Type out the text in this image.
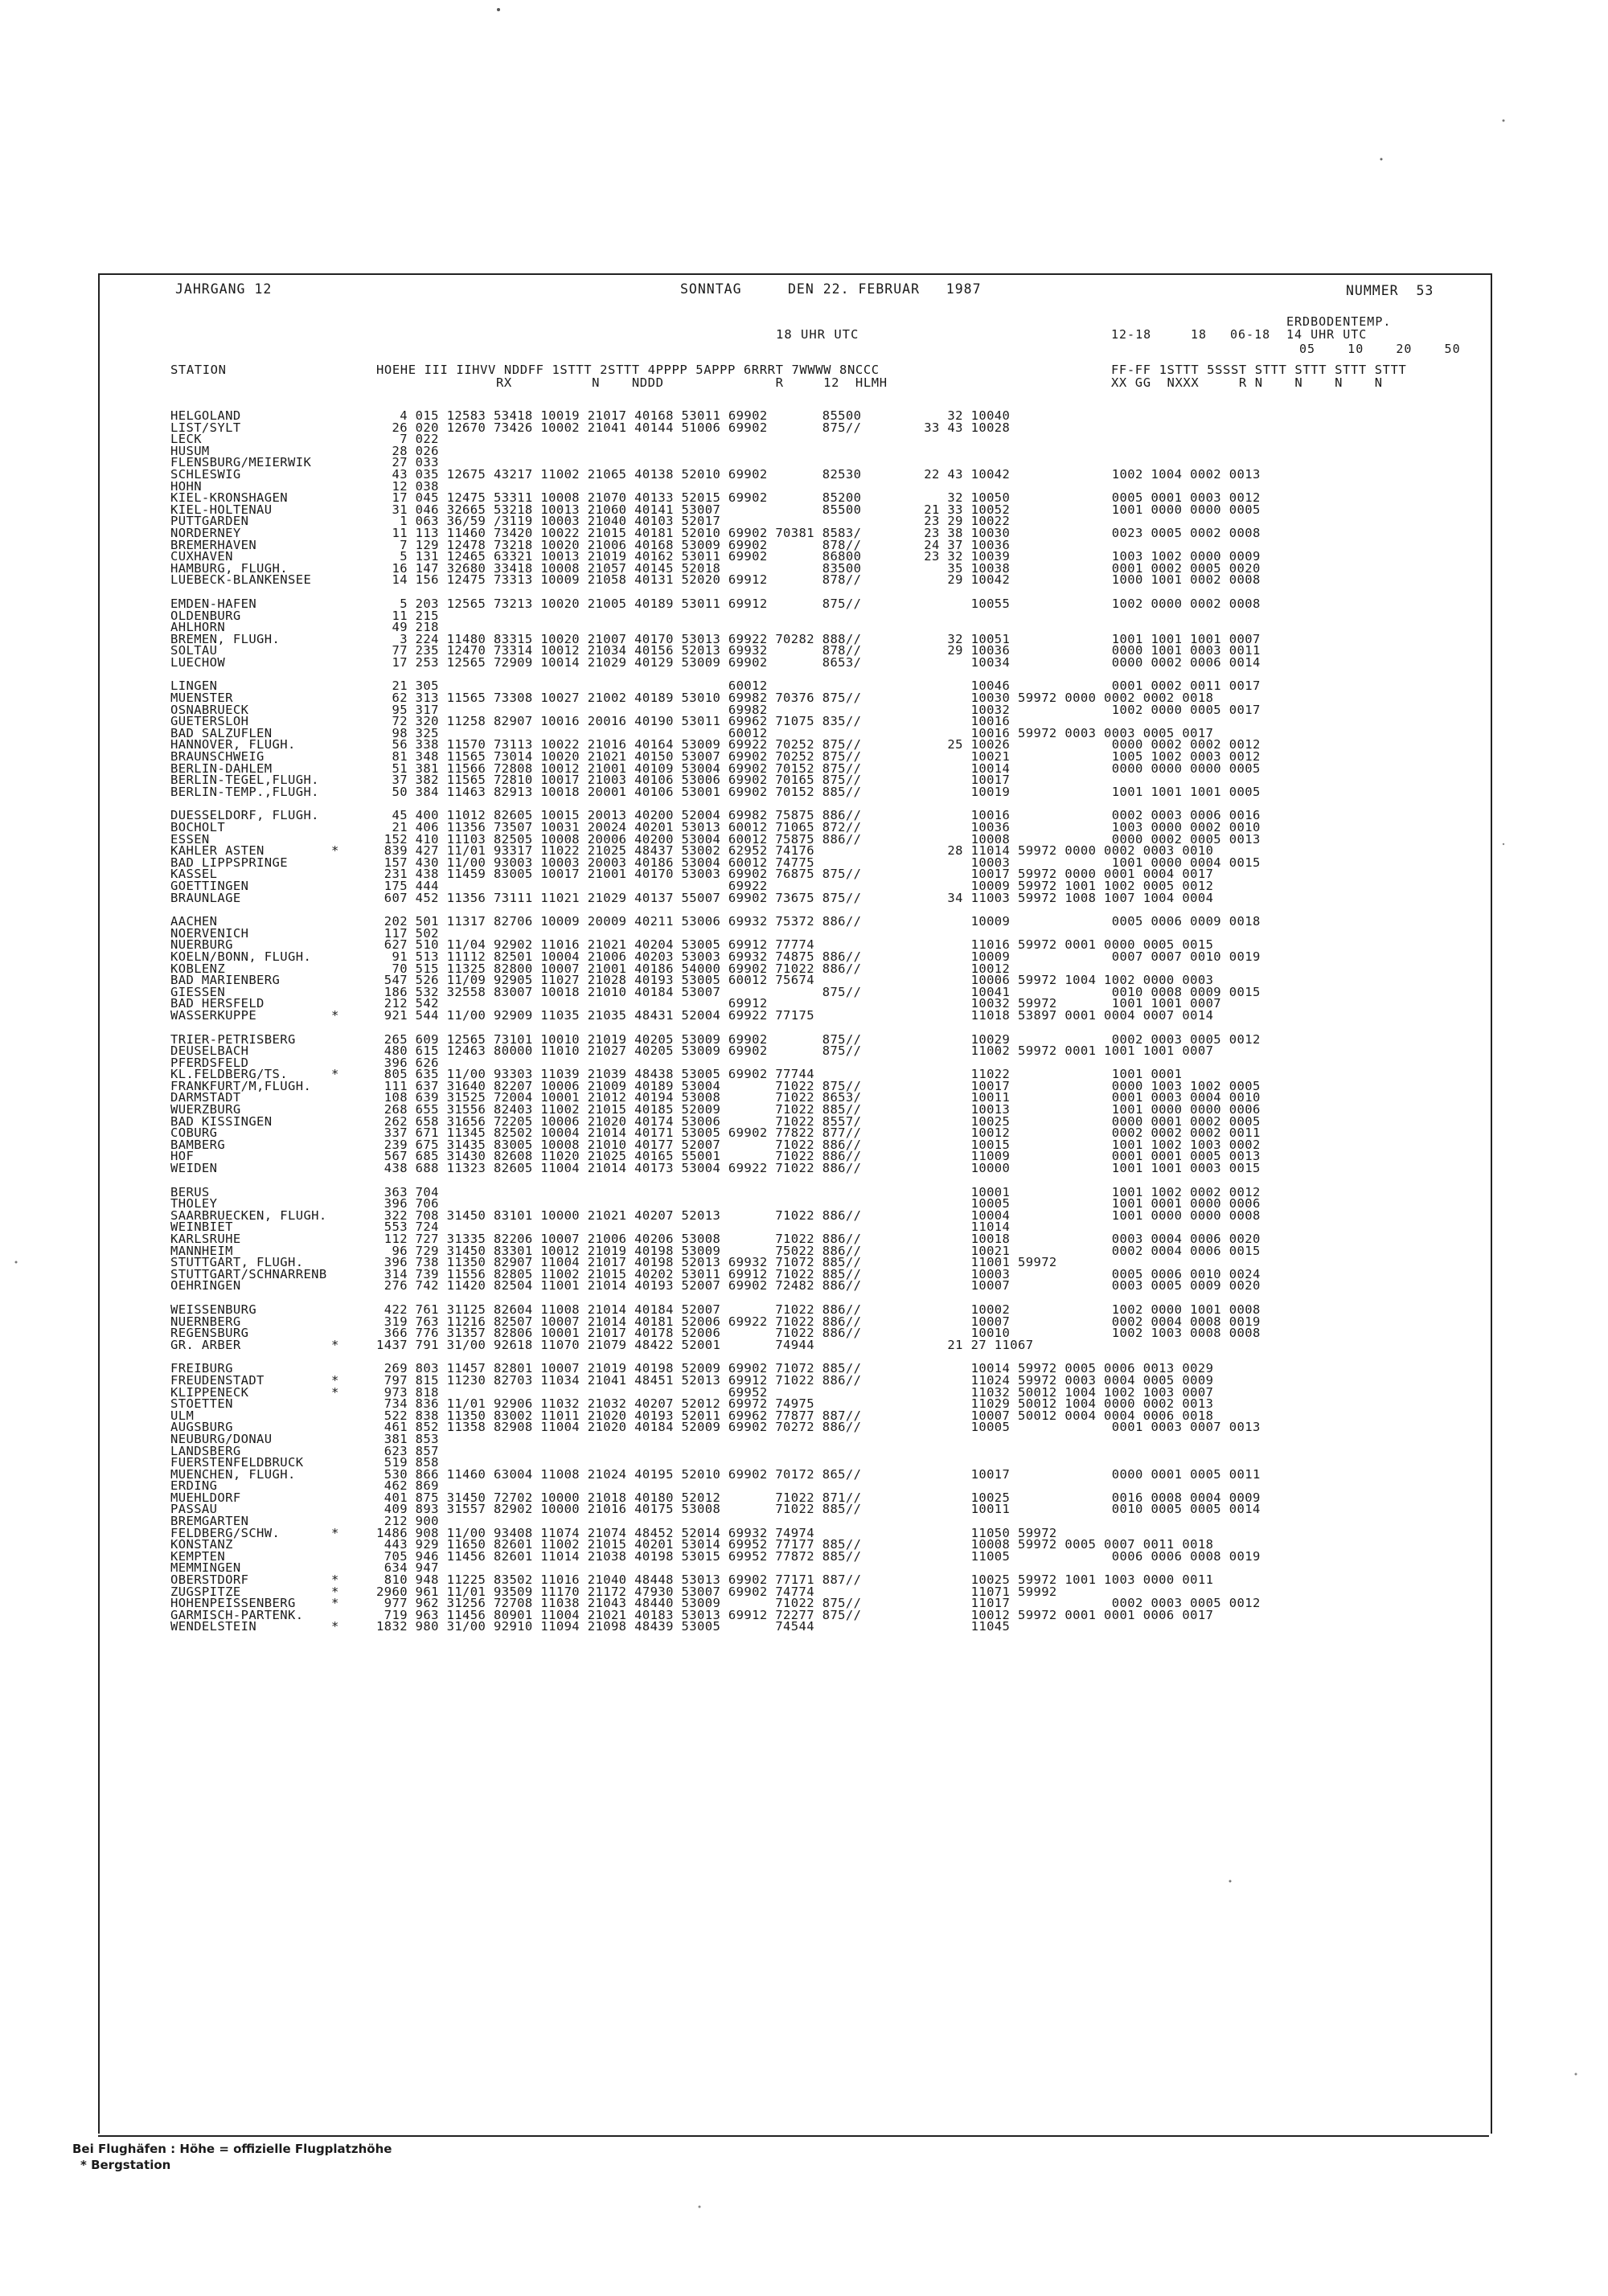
JAHRGANG 12	SONNTAG	DEN 22. FEBRUAR   1987	NUMMER  53
ERDBODENTEMP.
18 UHR UTC	12-18	18 06-18 14 UHR UTC
05    10    20    50
STATION	HOEHE III IIHVV NDDFF 1STTT 2STTT 4PPPP 5APPP 6RRRT 7WWWW 8NCCC
RX          N    NDDD              R     12  HLMH
FF-FF 1STTT 5SSST STTT STTT STTT STTT
XX GG  NXXX     R N    N    N    N
HELGOLAND	4 015 12583 53418 10019 21017 40168 53011 69902       85500           32 10040
LIST/SYLT	26 020 12670 73426 10002 21041 40144 51006 69902       875//        33 43 10028
LECK	7 022
HUSUM	28 026
FLENSBURG/MEIERWIK	27 033
SCHLESWIG	43 035 12675 43217 11002 21065 40138 52010 69902       82530        22 43 10042             1002 1004 0002 0013
HOHN	12 038
KIEL-KRONSHAGEN	17 045 12475 53311 10008 21070 40133 52015 69902       85200           32 10050             0005 0001 0003 0012
KIEL-HOLTENAU	31 046 32665 53218 10013 21060 40141 53007             85500        21 33 10052             1001 0000 0000 0005
PUTTGARDEN	1 063 36/59 /3119 10003 21040 40103 52017                          23 29 10022
NORDERNEY	11 113 11460 73420 10022 21015 40181 52010 69902 70381 8583/        23 38 10030             0023 0005 0002 0008
BREMERHAVEN	7 129 12478 73218 10020 21006 40168 53009 69902       878//        24 37 10036
CUXHAVEN	5 131 12465 63321 10013 21019 40162 53011 69902       86800        23 32 10039             1003 1002 0000 0009
HAMBURG, FLUGH.	16 147 32680 33418 10008 21057 40145 52018             83500           35 10038             0001 0002 0005 0020
LUEBECK-BLANKENSEE	14 156 12475 73313 10009 21058 40131 52020 69912       878//           29 10042             1000 1001 0002 0008
EMDEN-HAFEN	5 203 12565 73213 10020 21005 40189 53011 69912       875//              10055             1002 0000 0002 0008
OLDENBURG	11 215
AHLHORN	49 218
BREMEN, FLUGH.	3 224 11480 83315 10020 21007 40170 53013 69922 70282 888//           32 10051             1001 1001 1001 0007
SOLTAU	77 235 12470 73314 10012 21034 40156 52013 69932       878//           29 10036             0000 1001 0003 0011
LUECHOW	17 253 12565 72909 10014 21029 40129 53009 69902       8653/              10034             0000 0002 0006 0014
LINGEN	21 305                                     60012                          10046             0001 0002 0011 0017
MUENSTER	62 313 11565 73308 10027 21002 40189 53010 69982 70376 875//              10030 59972 0000 0002 0002 0018
OSNABRUECK	95 317                                     69982                          10032             1002 0000 0005 0017
GUETERSLOH	72 320 11258 82907 10016 20016 40190 53011 69962 71075 835//              10016
BAD SALZUFLEN	98 325                                     60012                          10016 59972 0003 0003 0005 0017
HANNOVER, FLUGH.	56 338 11570 73113 10022 21016 40164 53009 69922 70252 875//           25 10026             0000 0002 0002 0012
BRAUNSCHWEIG	81 348 11565 73014 10020 21021 40150 53007 69902 70252 875//              10021             1005 1002 0003 0012
BERLIN-DAHLEM	51 381 11566 72808 10012 21001 40109 53004 69902 70152 875//              10014             0000 0000 0000 0005
BERLIN-TEGEL,FLUGH.	37 382 11565 72810 10017 21003 40106 53006 69902 70165 875//              10017
BERLIN-TEMP.,FLUGH.	50 384 11463 82913 10018 20001 40106 53001 69902 70152 885//              10019             1001 1001 1001 0005
DUESSELDORF, FLUGH.	45 400 11012 82605 10015 20013 40200 52004 69982 75875 886//              10016             0002 0003 0006 0016
BOCHOLT	21 406 11356 73507 10031 20024 40201 53013 60012 71065 872//              10036             1003 0000 0002 0010
ESSEN	152 410 11103 82505 10008 20006 40200 53004 60012 75875 886//              10008             0000 0002 0005 0013
KAHLER ASTEN	*	839 427 11/01 93317 11022 21025 48437 53002 62952 74176                 28 11014 59972 0000 0002 0003 0010
BAD LIPPSPRINGE	157 430 11/00 93003 10003 20003 40186 53004 60012 74775                    10003             1001 0000 0004 0015
KASSEL	231 438 11459 83005 10017 21001 40170 53003 69902 76875 875//              10017 59972 0000 0001 0004 0017
GOETTINGEN	175 444                                     69922                          10009 59972 1001 1002 0005 0012
BRAUNLAGE	607 452 11356 73111 11021 21029 40137 55007 69902 73675 875//           34 11003 59972 1008 1007 1004 0004
AACHEN	202 501 11317 82706 10009 20009 40211 53006 69932 75372 886//              10009             0005 0006 0009 0018
NOERVENICH	117 502
NUERBURG	627 510 11/04 92902 11016 21021 40204 53005 69912 77774                    11016 59972 0001 0000 0005 0015
KOELN/BONN, FLUGH.	91 513 11112 82501 10004 21006 40203 53003 69932 74875 886//              10009             0007 0007 0010 0019
KOBLENZ	70 515 11325 82800 10007 21001 40186 54000 69902 71022 886//              10012
BAD MARIENBERG	547 526 11/09 92905 11027 21028 40193 53005 60012 75674                    10006 59972 1004 1002 0000 0003
GIESSEN	186 532 32558 83007 10018 21010 40184 53007             875//              10041             0010 0008 0009 0015
BAD HERSFELD	212 542                                     69912                          10032 59972       1001 1001 0007
WASSERKUPPE	*	921 544 11/00 92909 11035 21035 48431 52004 69922 77175                    11018 53897 0001 0004 0007 0014
TRIER-PETRISBERG	265 609 12565 73101 10010 21019 40205 53009 69902       875//              10029             0002 0003 0005 0012
DEUSELBACH	480 615 12463 80000 11010 21027 40205 53009 69902       875//              11002 59972 0001 1001 1001 0007
PFERDSFELD	396 626
KL.FELDBERG/TS.	*	805 635 11/00 93303 11039 21039 48438 53005 69902 77744                    11022             1001 0001
FRANKFURT/M,FLUGH.	111 637 31640 82207 10006 21009 40189 53004       71022 875//              10017             0000 1003 1002 0005
DARMSTADT	108 639 31525 72004 10001 21012 40194 53008       71022 8653/              10011             0001 0003 0004 0010
WUERZBURG	268 655 31556 82403 11002 21015 40185 52009       71022 885//              10013             1001 0000 0000 0006
BAD KISSINGEN	262 658 31656 72205 10006 21020 40174 53006       71022 8557/              10025             0000 0001 0002 0005
COBURG	337 671 11345 82502 10004 21014 40171 53005 69902 77822 877//              10012             0002 0002 0002 0011
BAMBERG	239 675 31435 83005 10008 21010 40177 52007       71022 886//              10015             1001 1002 1003 0002
HOF	567 685 31430 82608 11020 21025 40165 55001       71022 886//              11009             0001 0001 0005 0013
WEIDEN	438 688 11323 82605 11004 21014 40173 53004 69922 71022 886//              10000             1001 1001 0003 0015
BERUS	363 704                                                                    10001             1001 1002 0002 0012
THOLEY	396 706                                                                    10005             1001 0001 0000 0006
SAARBRUECKEN, FLUGH.	322 708 31450 83101 10000 21021 40207 52013       71022 886//              10004             1001 0000 0000 0008
WEINBIET	553 724                                                                    11014
KARLSRUHE	112 727 31335 82206 10007 21006 40206 53008       71022 886//              10018             0003 0004 0006 0020
MANNHEIM	96 729 31450 83301 10012 21019 40198 53009       75022 886//              10021             0002 0004 0006 0015
STUTTGART, FLUGH.	396 738 11350 82907 11004 21017 40198 52013 69932 71072 885//              11001 59972
STUTTGART/SCHNARRENB	314 739 11556 82805 11002 21015 40202 53011 69912 71022 885//              10003             0005 0006 0010 0024
OEHRINGEN	276 742 11420 82504 11001 21014 40193 52007 69902 72482 886//              10007             0003 0005 0009 0020
WEISSENBURG	422 761 31125 82604 11008 21014 40184 52007       71022 886//              10002             1002 0000 1001 0008
NUERNBERG	319 763 11216 82507 10007 21014 40181 52006 69922 71022 886//              10007             0002 0004 0008 0019
REGENSBURG	366 776 31357 82806 10001 21017 40178 52006       71022 886//              10010             1002 1003 0008 0008
GR. ARBER	*	1437 791 31/00 92618 11070 21079 48422 52001       74944                 21 27 11067
FREIBURG	269 803 11457 82801 10007 21019 40198 52009 69902 71072 885//              10014 59972 0005 0006 0013 0029
FREUDENSTADT	*	797 815 11230 82703 11034 21041 48451 52013 69912 71022 886//              11024 59972 0003 0004 0005 0009
KLIPPENECK	*	973 818                                     69952                          11032 50012 1004 1002 1003 0007
STOETTEN	734 836 11/01 92906 11032 21032 40207 52012 69972 74975                    11029 50012 1004 0000 0002 0013
ULM	522 838 11350 83002 11011 21020 40193 52011 69962 77877 887//              10007 50012 0004 0004 0006 0018
AUGSBURG	461 852 11358 82908 11004 21020 40184 52009 69902 70272 886//              10005             0001 0003 0007 0013
NEUBURG/DONAU	381 853
LANDSBERG	623 857
FUERSTENFELDBRUCK	519 858
MUENCHEN, FLUGH.	530 866 11460 63004 11008 21024 40195 52010 69902 70172 865//              10017             0000 0001 0005 0011
ERDING	462 869
MUEHLDORF	401 875 31450 72702 10000 21018 40180 52012       71022 871//              10025             0016 0008 0004 0009
PASSAU	409 893 31557 82902 10000 21016 40175 53008       71022 885//              10011             0010 0005 0005 0014
BREMGARTEN	212 900
FELDBERG/SCHW.	*	1486 908 11/00 93408 11074 21074 48452 52014 69932 74974                    11050 59972
KONSTANZ	443 929 11650 82601 11002 21015 40201 53014 69952 77177 885//              10008 59972 0005 0007 0011 0018
KEMPTEN	705 946 11456 82601 11014 21038 40198 53015 69952 77872 885//              11005             0006 0006 0008 0019
MEMMINGEN	634 947
OBERSTDORF	*	810 948 11225 83502 11016 21040 48448 53013 69902 77171 887//              10025 59972 1001 1003 0000 0011
ZUGSPITZE	*	2960 961 11/01 93509 11170 21172 47930 53007 69902 74774                    11071 59992
HOHENPEISSENBERG	*	977 962 31256 72708 11038 21043 48440 53009       71022 875//              11017             0002 0003 0005 0012
GARMISCH-PARTENK.	719 963 11456 80901 11004 21021 40183 53013 69912 72277 875//              10012 59972 0001 0001 0006 0017
WENDELSTEIN	*	1832 980 31/00 92910 11094 21098 48439 53005       74544                    11045
Bei Flughäfen : Höhe = offizielle Flugplatzhöhe
* Bergstation
